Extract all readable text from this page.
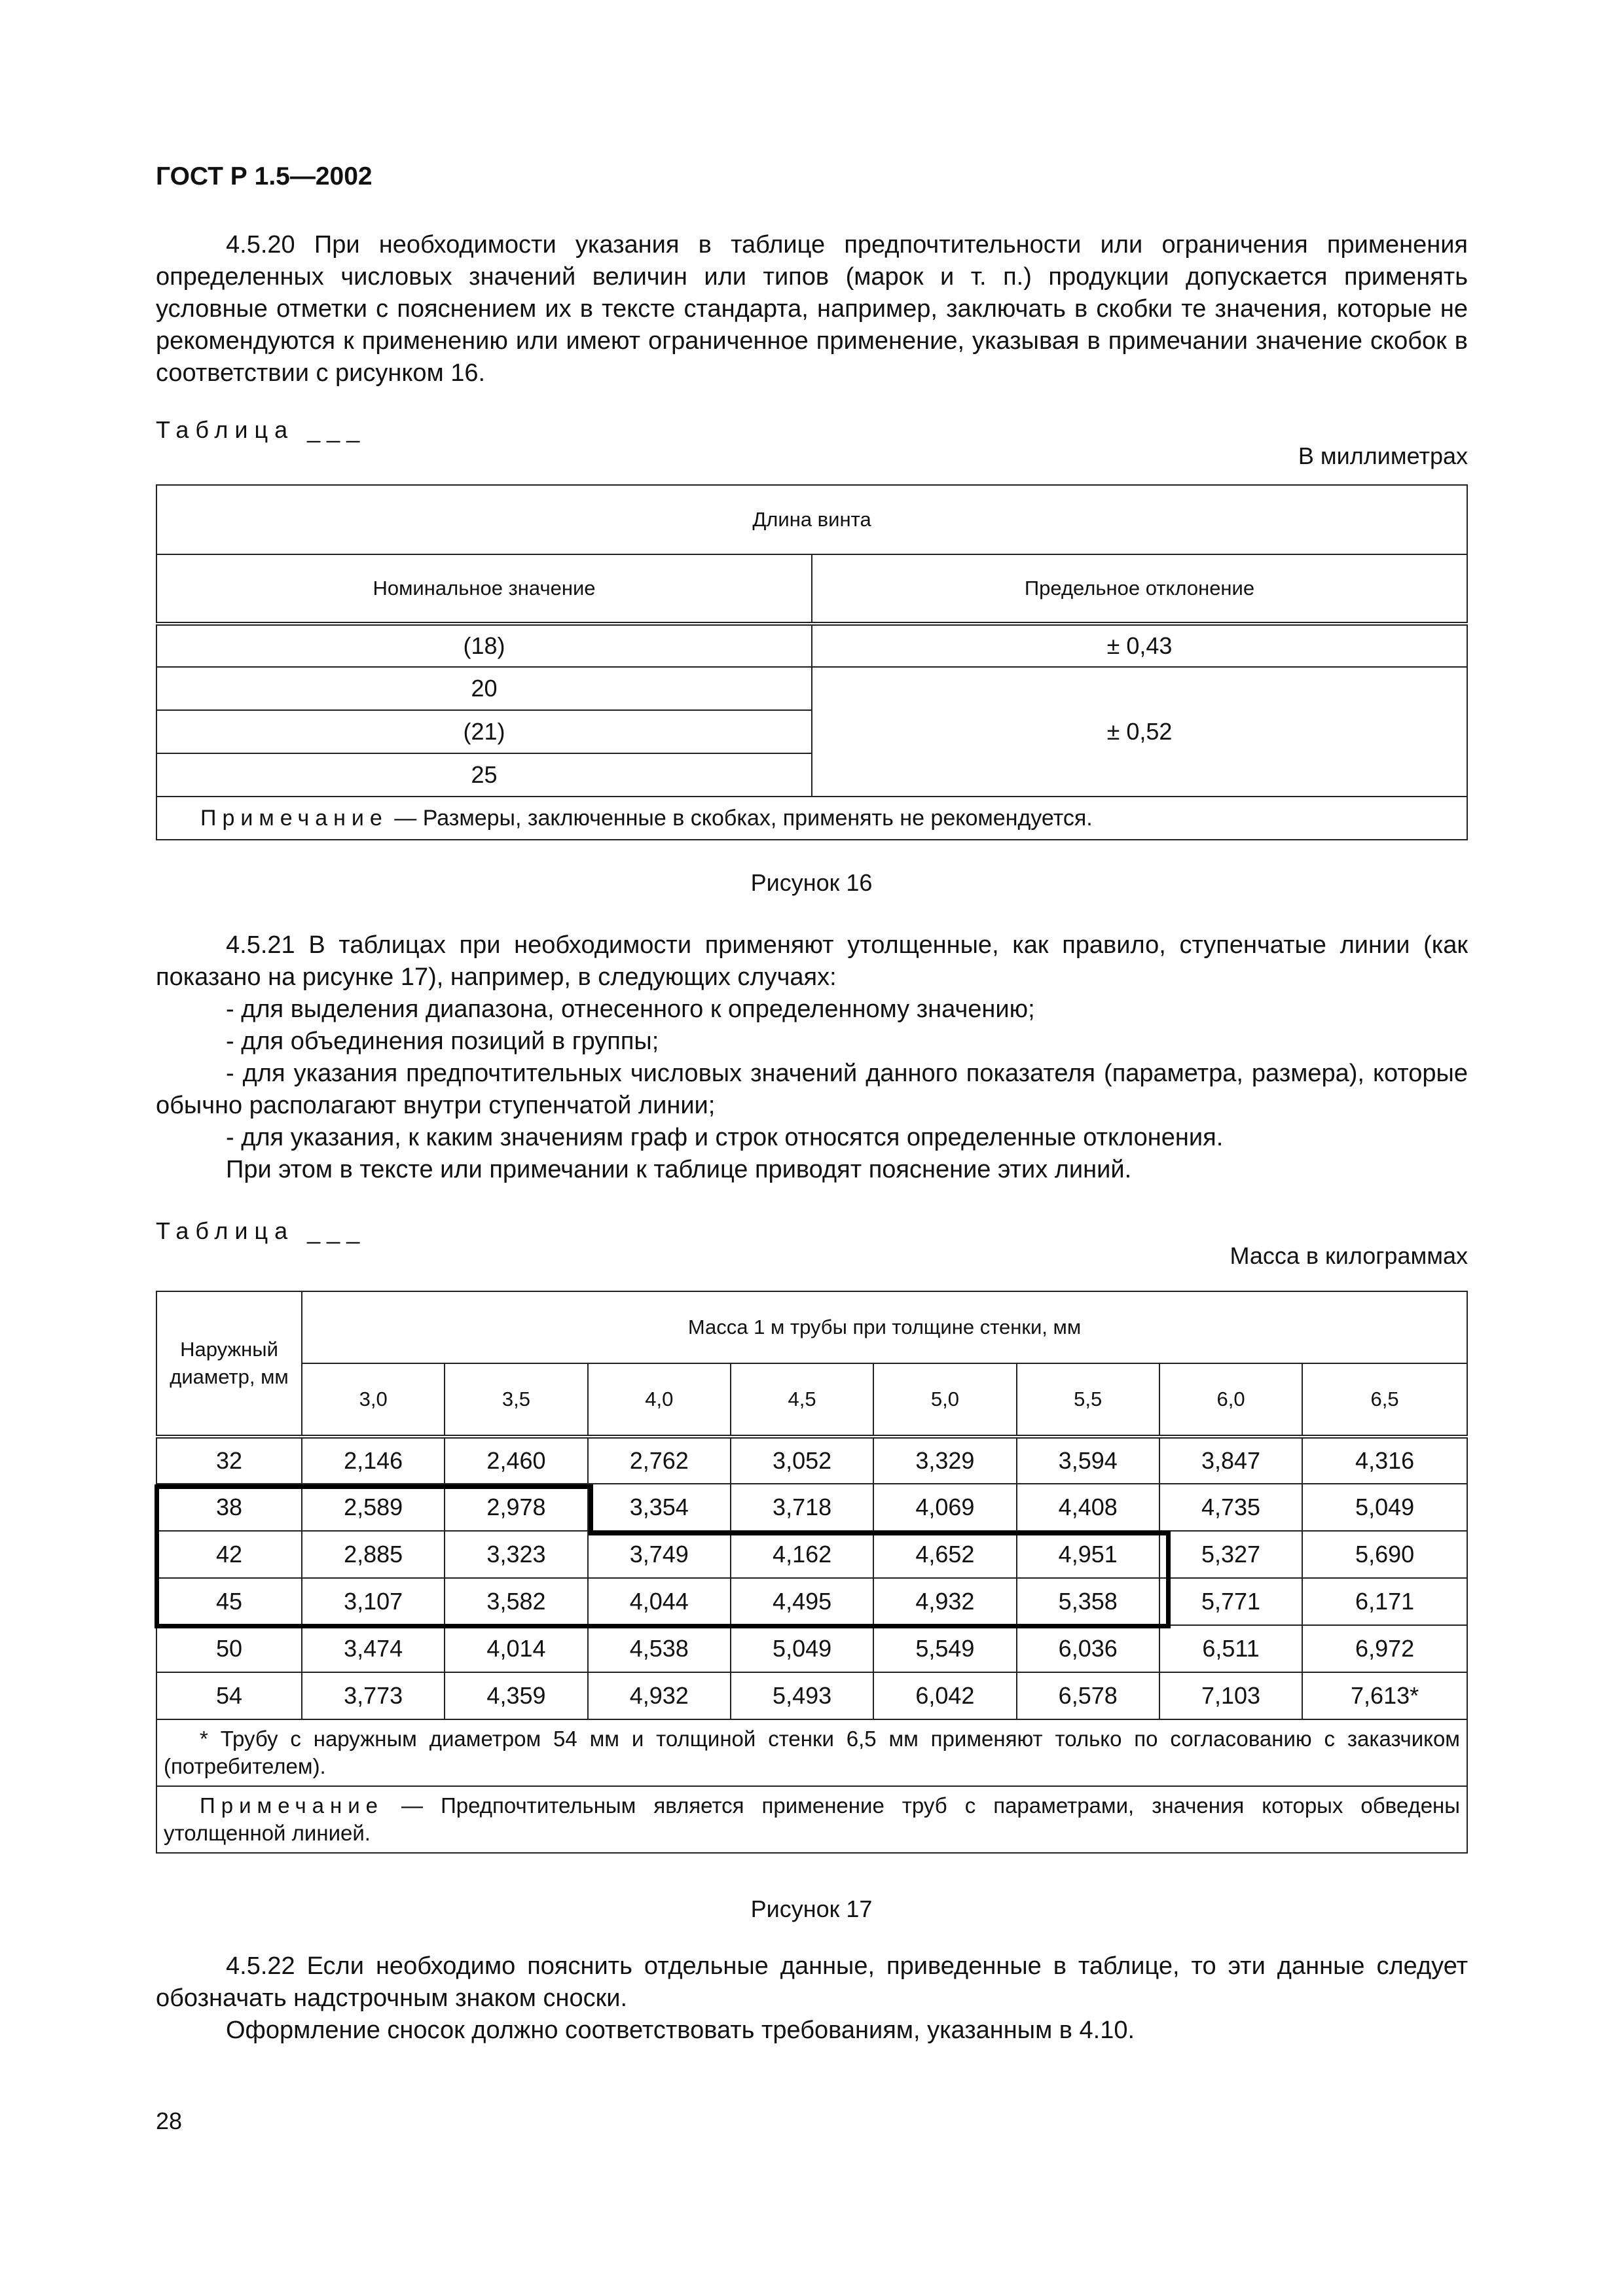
ГОСТ Р 1.5—2002

4.5.20 При необходимости указания в таблице предпочтительности или ограничения применения определенных числовых значений величин или типов (марок и т. п.) продукции допускается применять условные отметки с пояснением их в тексте стандарта, например, заключать в скобки те значения, которые не рекомендуются к применению или имеют ограниченное применение, указывая в примечании значение скобок в соответствии с рисунком 16.

Таблица ___
В миллиметрах
Длина винта	
Номинальное значение	Предельное отклонение
(18)	± 0,43
20	± 0,52
(21)	
25	
Примечание — Размеры, заключенные в скобках, применять не рекомендуется.	
Рисунок 16

4.5.21 В таблицах при необходимости применяют утолщенные, как правило, ступенчатые линии (как показано на рисунке 17), например, в следующих случаях:

- для выделения диапазона, отнесенного к определенному значению;
- для объединения позиций в группы;

- для указания предпочтительных числовых значений данного показателя (параметра, размера), которые обычно располагают внутри ступенчатой линии;

- для указания, к каким значениям граф и строк относятся определенные отклонения.
При этом в тексте или примечании к таблице приводят пояснение этих линий.
Таблица ___
Масса в килограммах
Наружный диаметр, мм	Масса 1 м трубы при толщине стенки, мм							
	3,0	3,5	4,0	4,5	5,0	5,5	6,0	6,5
32	2,146	2,460	2,762	3,052	3,329	3,594	3,847	4,316
38	2,589	2,978	3,354	3,718	4,069	4,408	4,735	5,049
42	2,885	3,323	3,749	4,162	4,652	4,951	5,327	5,690
45	3,107	3,582	4,044	4,495	4,932	5,358	5,771	6,171
50	3,474	4,014	4,538	5,049	5,549	6,036	6,511	6,972
54	3,773	4,359	4,932	5,493	6,042	6,578	7,103	7,613*
* Трубу с наружным диаметром 54 мм и толщиной стенки 6,5 мм применяют только по согласованию с заказчиком (потребителем).								
Примечание — Предпочтительным является применение труб с параметрами, значения которых обведены утолщенной линией.								
Рисунок 17

4.5.22 Если необходимо пояснить отдельные данные, приведенные в таблице, то эти данные следует обозначать надстрочным знаком сноски.

Оформление сносок должно соответствовать требованиям, указанным в 4.10.
28
